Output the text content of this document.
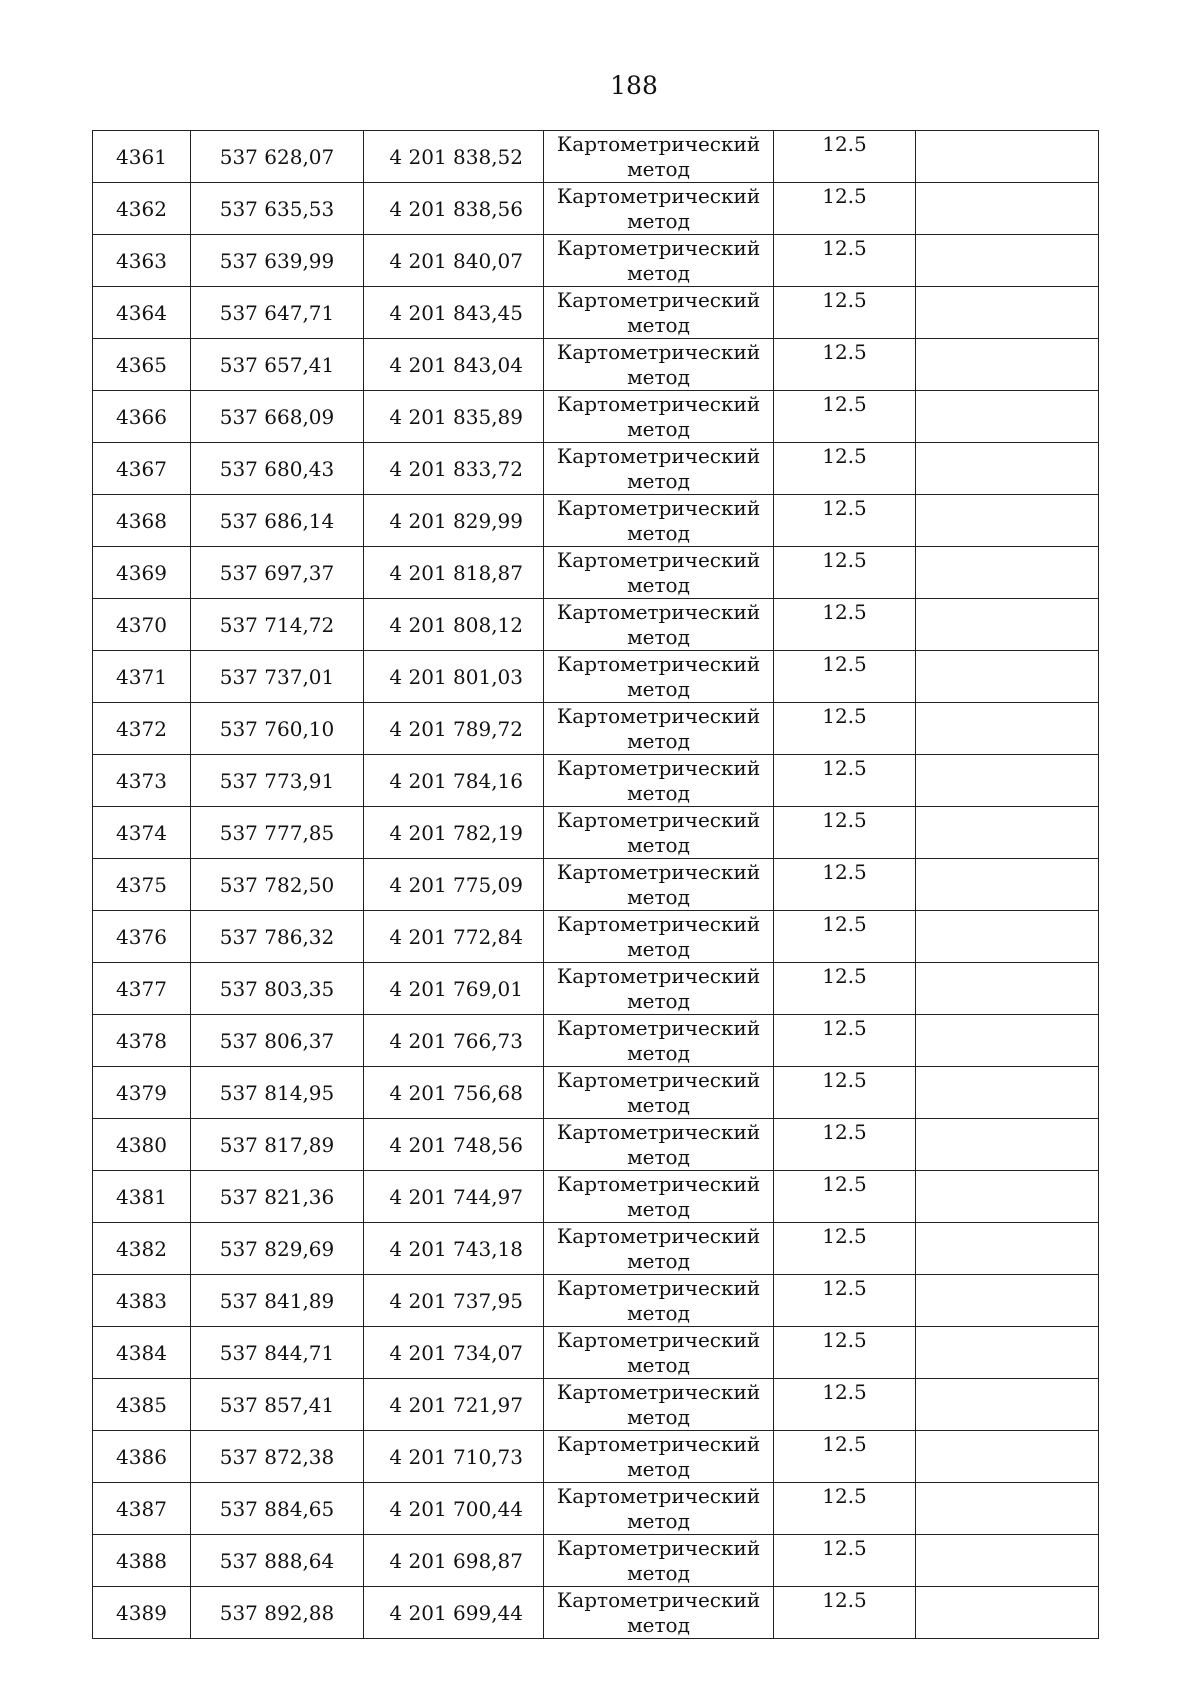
188
4361	537 628,07	4 201 838,52	Картометрический
метод	12.5	
4362	537 635,53	4 201 838,56	Картометрический
метод	12.5	
4363	537 639,99	4 201 840,07	Картометрический
метод	12.5	
4364	537 647,71	4 201 843,45	Картометрический
метод	12.5	
4365	537 657,41	4 201 843,04	Картометрический
метод	12.5	
4366	537 668,09	4 201 835,89	Картометрический
метод	12.5	
4367	537 680,43	4 201 833,72	Картометрический
метод	12.5	
4368	537 686,14	4 201 829,99	Картометрический
метод	12.5	
4369	537 697,37	4 201 818,87	Картометрический
метод	12.5	
4370	537 714,72	4 201 808,12	Картометрический
метод	12.5	
4371	537 737,01	4 201 801,03	Картометрический
метод	12.5	
4372	537 760,10	4 201 789,72	Картометрический
метод	12.5	
4373	537 773,91	4 201 784,16	Картометрический
метод	12.5	
4374	537 777,85	4 201 782,19	Картометрический
метод	12.5	
4375	537 782,50	4 201 775,09	Картометрический
метод	12.5	
4376	537 786,32	4 201 772,84	Картометрический
метод	12.5	
4377	537 803,35	4 201 769,01	Картометрический
метод	12.5	
4378	537 806,37	4 201 766,73	Картометрический
метод	12.5	
4379	537 814,95	4 201 756,68	Картометрический
метод	12.5	
4380	537 817,89	4 201 748,56	Картометрический
метод	12.5	
4381	537 821,36	4 201 744,97	Картометрический
метод	12.5	
4382	537 829,69	4 201 743,18	Картометрический
метод	12.5	
4383	537 841,89	4 201 737,95	Картометрический
метод	12.5	
4384	537 844,71	4 201 734,07	Картометрический
метод	12.5	
4385	537 857,41	4 201 721,97	Картометрический
метод	12.5	
4386	537 872,38	4 201 710,73	Картометрический
метод	12.5	
4387	537 884,65	4 201 700,44	Картометрический
метод	12.5	
4388	537 888,64	4 201 698,87	Картометрический
метод	12.5	
4389	537 892,88	4 201 699,44	Картометрический
метод	12.5	
